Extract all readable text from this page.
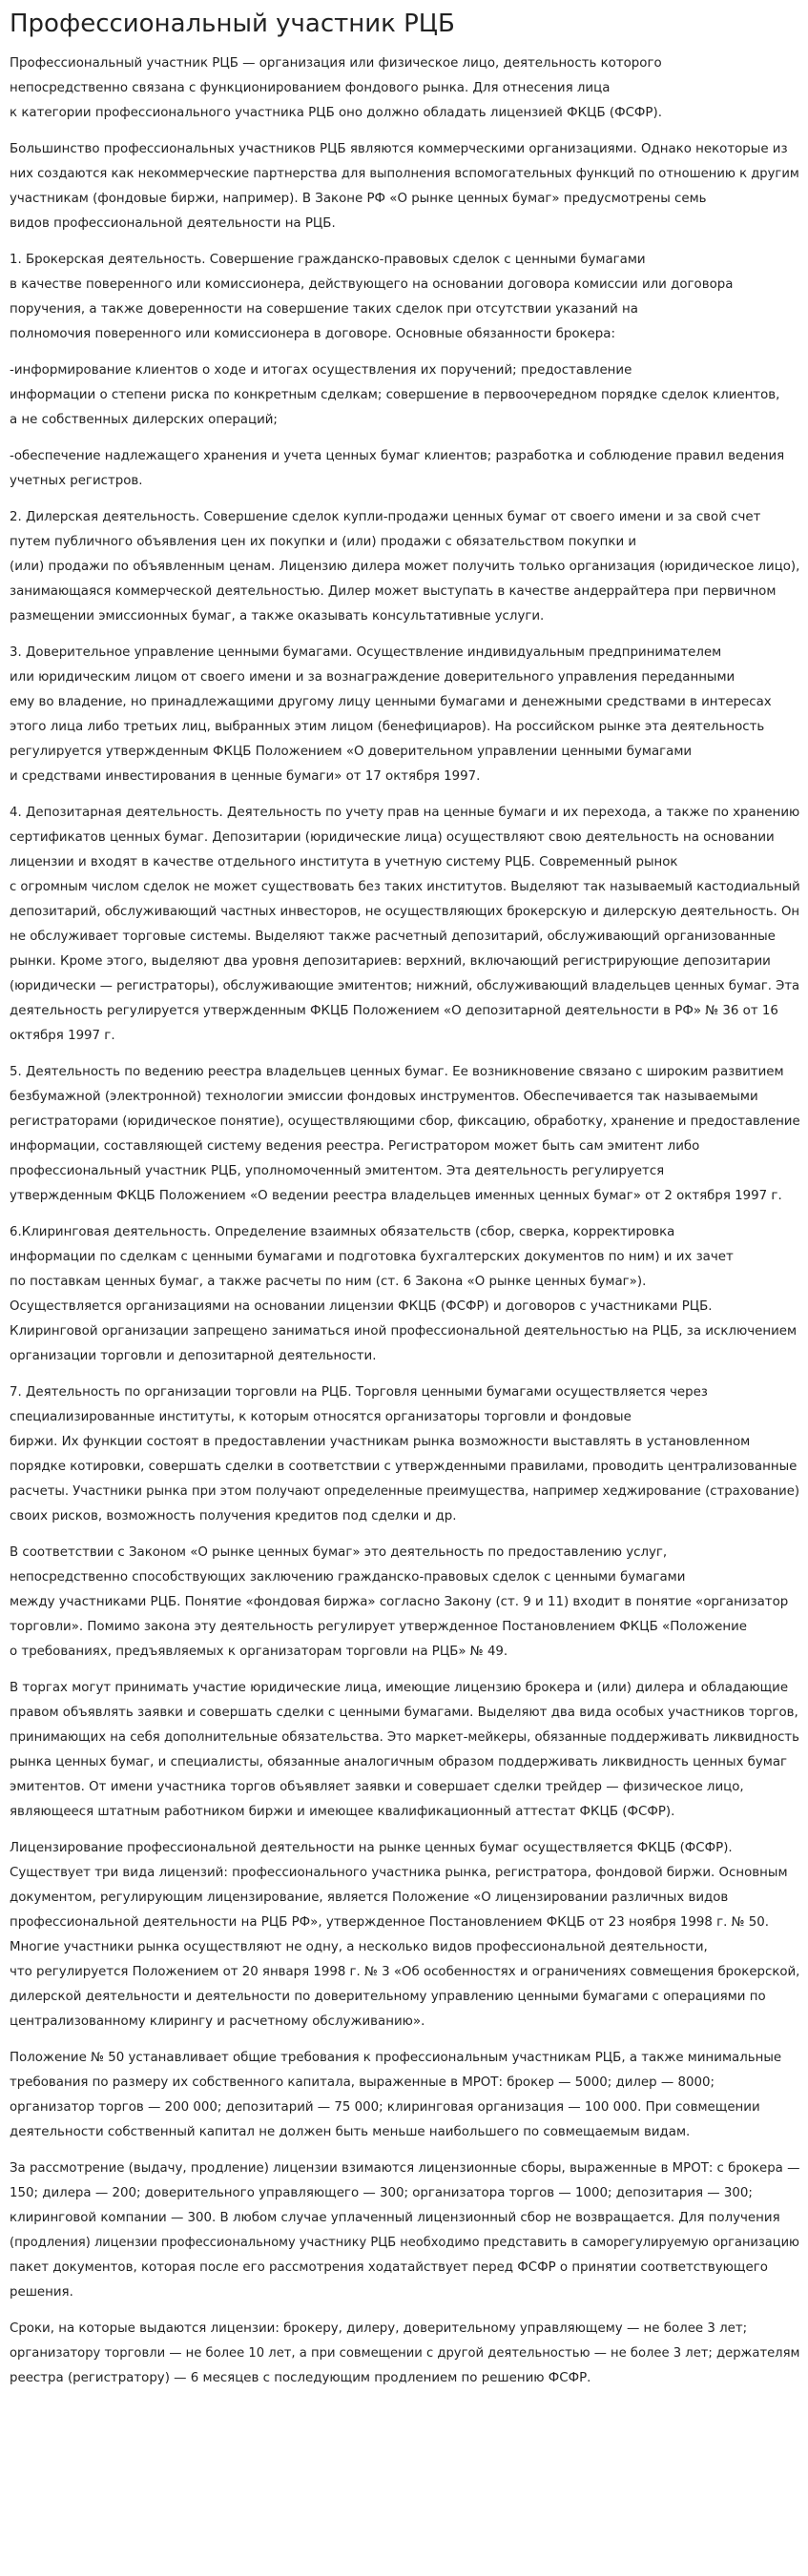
Профессиональный участник РЦБ

Профессиональный участник РЦБ — организация или физическое лицо, деятельность которого
непосредственно связана с функционированием фондового рынка. Для отнесения лица
к категории профессионального участника РЦБ оно должно обладать лицензией ФКЦБ (ФСФР).

Большинство профессиональных участников РЦБ являются коммерческими организациями. Однако некоторые из
них создаются как некоммерческие партнерства для выполнения вспомогательных функций по отношению к другим
участникам (фондовые биржи, например). В Законе РФ «О рынке ценных бумаг» предусмотрены семь
видов профессиональной деятельности на РЦБ.

1. Брокерская деятельность. Совершение гражданско-правовых сделок с ценными бумагами
в качестве поверенного или комиссионера, действующего на основании договора комиссии или договора
поручения, а также доверенности на совершение таких сделок при отсутствии указаний на
полномочия поверенного или комиссионера в договоре. Основные обязанности брокера:

-информирование клиентов о ходе и итогах осуществления их поручений; предоставление
информации о степени риска по конкретным сделкам; совершение в первоочередном порядке сделок клиентов,
а не собственных дилерских операций;

-обеспечение надлежащего хранения и учета ценных бумаг клиентов; разработка и соблюдение правил ведения
учетных регистров.

2. Дилерская деятельность. Совершение сделок купли-продажи ценных бумаг от своего имени и за свой счет
путем публичного объявления цен их покупки и (или) продажи с обязательством покупки и
(или) продажи по объявленным ценам. Лицензию дилера может получить только организация (юридическое лицо),
занимающаяся коммерческой деятельностью. Дилер может выступать в качестве андеррайтера при первичном
размещении эмиссионных бумаг, а также оказывать консультативные услуги.

3. Доверительное управление ценными бумагами. Осуществление индивидуальным предпринимателем
или юридическим лицом от своего имени и за вознаграждение доверительного управления переданными
ему во владение, но принадлежащими другому лицу ценными бумагами и денежными средствами в интересах
этого лица либо третьих лиц, выбранных этим лицом (бенефициаров). На российском рынке эта деятельность
регулируется утвержденным ФКЦБ Положением «О доверительном управлении ценными бумагами
и средствами инвестирования в ценные бумаги» от 17 октября 1997.

4. Депозитарная деятельность. Деятельность по учету прав на ценные бумаги и их перехода, а также по хранению
сертификатов ценных бумаг. Депозитарии (юридические лица) осуществляют свою деятельность на основании
лицензии и входят в качестве отдельного института в учетную систему РЦБ. Современный рынок
с огромным числом сделок не может существовать без таких институтов. Выделяют так называемый кастодиальный
депозитарий, обслуживающий частных инвесторов, не осуществляющих брокерскую и дилерскую деятельность. Он
не обслуживает торговые системы. Выделяют также расчетный депозитарий, обслуживающий организованные
рынки. Кроме этого, выделяют два уровня депозитариев: верхний, включающий регистрирующие депозитарии
(юридически — регистраторы), обслуживающие эмитентов; нижний, обслуживающий владельцев ценных бумаг. Эта
деятельность регулируется утвержденным ФКЦБ Положением «О депозитарной деятельности в РФ» № 36 от 16
октября 1997 г.

5. Деятельность по ведению реестра владельцев ценных бумаг. Ее возникновение связано с широким развитием
безбумажной (электронной) технологии эмиссии фондовых инструментов. Обеспечивается так называемыми
регистраторами (юридическое понятие), осуществляющими сбор, фиксацию, обработку, хранение и предоставление
информации, составляющей систему ведения реестра. Регистратором может быть сам эмитент либо
профессиональный участник РЦБ, уполномоченный эмитентом. Эта деятельность регулируется
утвержденным ФКЦБ Положением «О ведении реестра владельцев именных ценных бумаг» от 2 октября 1997 г.

6.Клиринговая деятельность. Определение взаимных обязательств (сбор, сверка, корректировка
информации по сделкам с ценными бумагами и подготовка бухгалтерских документов по ним) и их зачет
по поставкам ценных бумаг, а также расчеты по ним (ст. 6 Закона «О рынке ценных бумаг»).
Осуществляется организациями на основании лицензии ФКЦБ (ФСФР) и договоров с участниками РЦБ.
Клиринговой организации запрещено заниматься иной профессиональной деятельностью на РЦБ, за исключением
организации торговли и депозитарной деятельности.

7. Деятельность по организации торговли на РЦБ. Торговля ценными бумагами осуществляется через
специализированные институты, к которым относятся организаторы торговли и фондовые
биржи. Их функции состоят в предоставлении участникам рынка возможности выставлять в установленном
порядке котировки, совершать сделки в соответствии с утвержденными правилами, проводить централизованные
расчеты. Участники рынка при этом получают определенные преимущества, например хеджирование (страхование)
своих рисков, возможность получения кредитов под сделки и др.

В соответствии с Законом «О рынке ценных бумаг» это деятельность по предоставлению услуг,
непосредственно способствующих заключению гражданско-правовых сделок с ценными бумагами
между участниками РЦБ. Понятие «фондовая биржа» согласно Закону (ст. 9 и 11) входит в понятие «организатор
торговли». Помимо закона эту деятельность регулирует утвержденное Постановлением ФКЦБ «Положение
о требованиях, предъявляемых к организаторам торговли на РЦБ» № 49.

В торгах могут принимать участие юридические лица, имеющие лицензию брокера и (или) дилера и обладающие
правом объявлять заявки и совершать сделки с ценными бумагами. Выделяют два вида особых участников торгов,
принимающих на себя дополнительные обязательства. Это маркет-мейкеры, обязанные поддерживать ликвидность
рынка ценных бумаг, и специалисты, обязанные аналогичным образом поддерживать ликвидность ценных бумаг
эмитентов. От имени участника торгов объявляет заявки и совершает сделки трейдер — физическое лицо,
являющееся штатным работником биржи и имеющее квалификационный аттестат ФКЦБ (ФСФР).

Лицензирование профессиональной деятельности на рынке ценных бумаг осуществляется ФКЦБ (ФСФР).
Существует три вида лицензий: профессионального участника рынка, регистратора, фондовой биржи. Основным
документом, регулирующим лицензирование, является Положение «О лицензировании различных видов
профессиональной деятельности на РЦБ РФ», утвержденное Постановлением ФКЦБ от 23 ноября 1998 г. № 50.
Многие участники рынка осуществляют не одну, а несколько видов профессиональной деятельности,
что регулируется Положением от 20 января 1998 г. № 3 «Об особенностях и ограничениях совмещения брокерской,
дилерской деятельности и деятельности по доверительному управлению ценными бумагами с операциями по
централизованному клирингу и расчетному обслуживанию».

Положение № 50 устанавливает общие требования к профессиональным участникам РЦБ, а также минимальные
требования по размеру их собственного капитала, выраженные в МРОТ: брокер — 5000; дилер — 8000;
организатор торгов — 200 000; депозитарий — 75 000; клиринговая организация — 100 000. При совмещении
деятельности собственный капитал не должен быть меньше наибольшего по совмещаемым видам.

За рассмотрение (выдачу, продление) лицензии взимаются лицензионные сборы, выраженные в МРОТ: с брокера —
150; дилера — 200; доверительного управляющего — 300; организатора торгов — 1000; депозитария — 300;
клиринговой компании — 300. В любом случае уплаченный лицензионный сбор не возвращается. Для получения
(продления) лицензии профессиональному участнику РЦБ необходимо представить в саморегулируемую организацию
пакет документов, которая после его рассмотрения ходатайствует перед ФСФР о принятии соответствующего
решения.

Сроки, на которые выдаются лицензии: брокеру, дилеру, доверительному управляющему — не более 3 лет;
организатору торговли — не более 10 лет, а при совмещении с другой деятельностью — не более 3 лет; держателям
реестра (регистратору) — 6 месяцев с последующим продлением по решению ФСФР.
